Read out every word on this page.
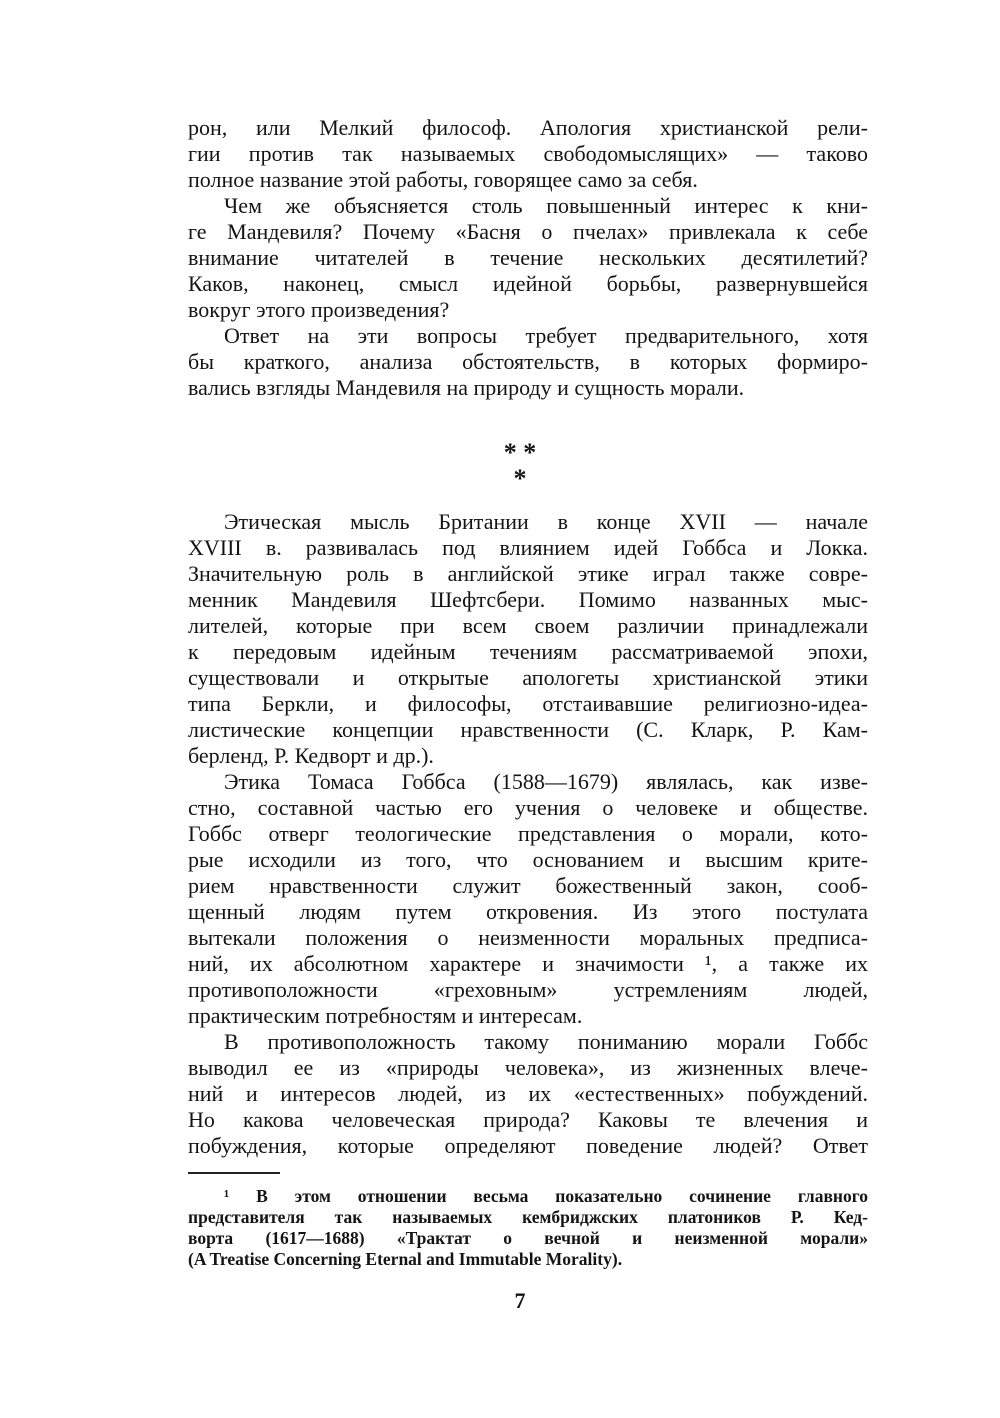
рон, или Мелкий философ. Апология христианской рели-
гии против так называемых свободомыслящих» — таково
полное название этой работы, говорящее само за себя.
Чем же объясняется столь повышенный интерес к кни-
ге Мандевиля? Почему «Басня о пчелах» привлекала к себе
внимание читателей в течение нескольких десятилетий?
Каков, наконец, смысл идейной борьбы, развернувшейся
вокруг этого произведения?
Ответ на эти вопросы требует предварительного, хотя
бы краткого, анализа обстоятельств, в которых формиро-
вались взгляды Мандевиля на природу и сущность морали.
* *
*
Этическая мысль Британии в конце XVII — начале
XVIII в. развивалась под влиянием идей Гоббса и Локка.
Значительную роль в английской этике играл также совре-
менник Мандевиля Шефтсбери. Помимо названных мыс-
лителей, которые при всем своем различии принадлежали
к передовым идейным течениям рассматриваемой эпохи,
существовали и открытые апологеты христианской этики
типа Беркли, и философы, отстаивавшие религиозно-идеа-
листические концепции нравственности (С. Кларк, Р. Кам-
берленд, Р. Кедворт и др.).
Этика Томаса Гоббса (1588—1679) являлась, как изве-
стно, составной частью его учения о человеке и обществе.
Гоббс отверг теологические представления о морали, кото-
рые исходили из того, что основанием и высшим крите-
рием нравственности служит божественный закон, сооб-
щенный людям путем откровения. Из этого постулата
вытекали положения о неизменности моральных предписа-
ний, их абсолютном характере и значимости ¹, а также их
противоположности «греховным» устремлениям людей,
практическим потребностям и интересам.
В противоположность такому пониманию морали Гоббс
выводил ее из «природы человека», из жизненных влече-
ний и интересов людей, из их «естественных» побуждений.
Но какова человеческая природа? Каковы те влечения и
побуждения, которые определяют поведение людей? Ответ
¹ В этом отношении весьма показательно сочинение главного
представителя так называемых кембриджских платоников Р. Кед-
ворта (1617—1688) «Трактат о вечной и неизменной морали»
(A Treatise Concerning Eternal and Immutable Morality).
7
